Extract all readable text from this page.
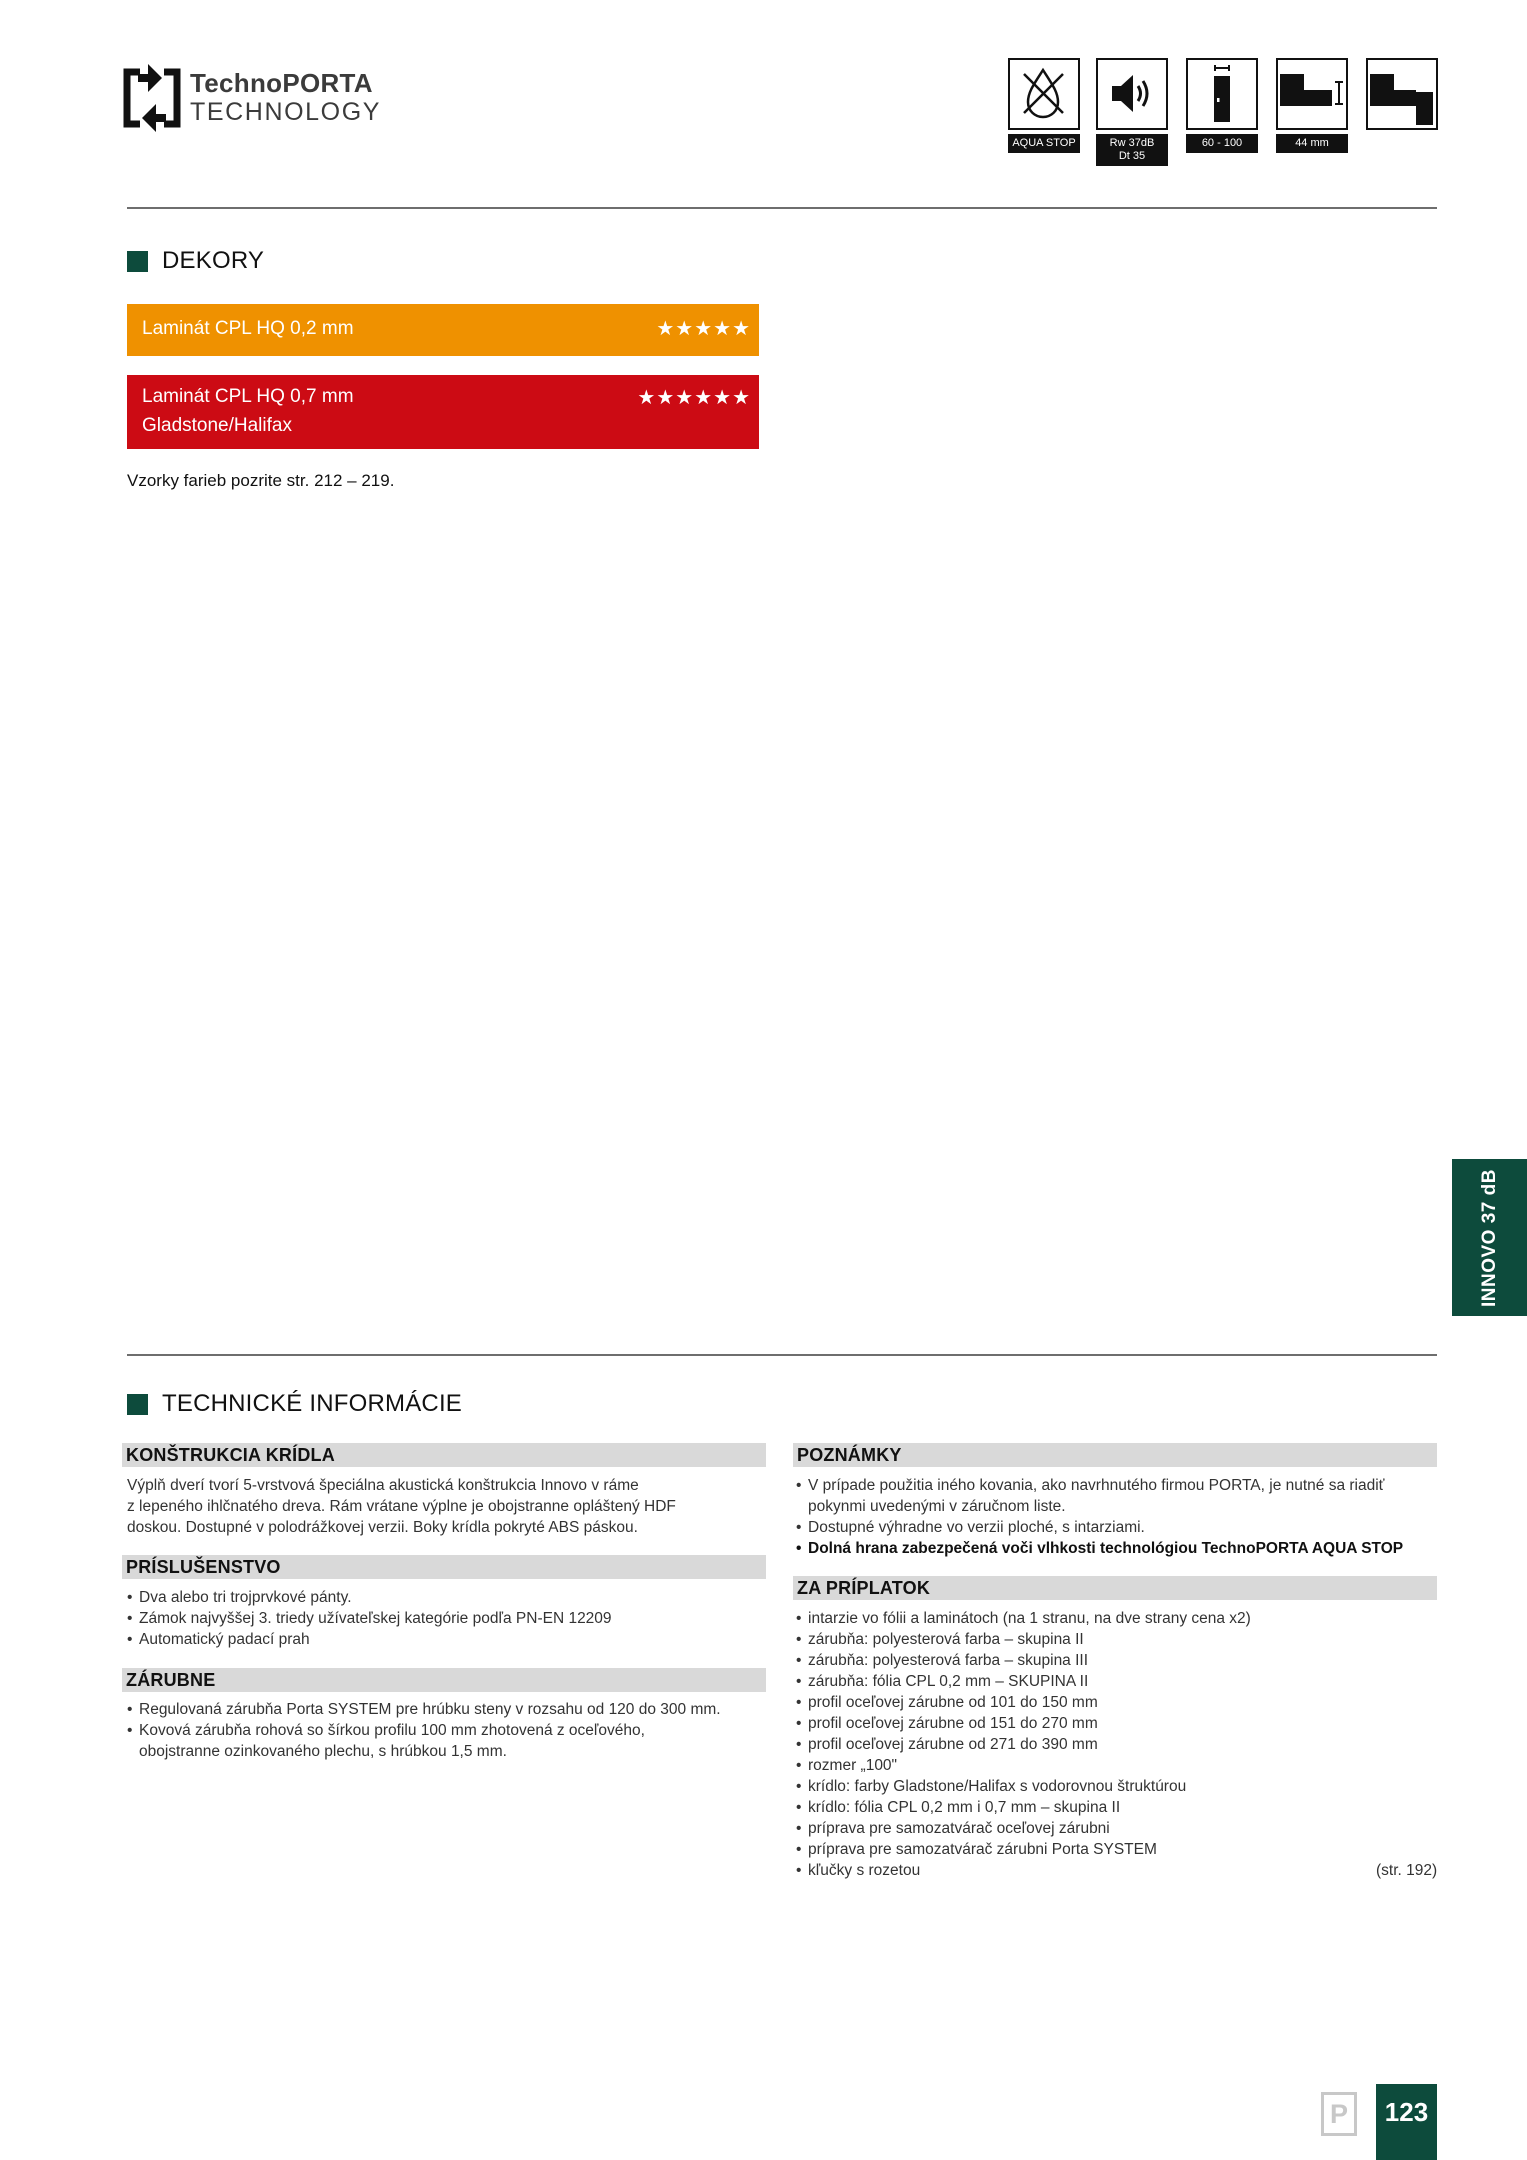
TechnoPORTA
TECHNOLOGY
AQUA STOP	Rw 37dB
Dt 35
60 - 100	44 mm
DEKORY
Laminát CPL HQ 0,2 mm	★★★★★
Laminát CPL HQ 0,7 mm
Gladstone/Halifax
★★★★★★
Vzorky farieb pozrite str. 212 – 219.
INNOVO 37 dB
TECHNICKÉ INFORMÁCIE
KONŠTRUKCIA KRÍDLA
Výplň dverí tvorí 5-vrstvová špeciálna akustická konštrukcia Innovo v ráme
z lepeného ihlčnatého dreva. Rám vrátane výplne je obojstranne opláštený HDF
doskou. Dostupné v polodrážkovej verzii. Boky krídla pokryté ABS páskou.
PRÍSLUŠENSTVO
• Dva alebo tri trojprvkové pánty.
• Zámok najvyššej 3. triedy užívateľskej kategórie podľa PN-EN 12209
• Automatický padací prah
ZÁRUBNE
• Regulovaná zárubňa Porta SYSTEM pre hrúbku steny v rozsahu od 120 do 300 mm.
• Kovová zárubňa rohová so šírkou profilu 100 mm zhotovená z oceľového,
obojstranne ozinkovaného plechu, s hrúbkou 1,5 mm.
POZNÁMKY
• V prípade použitia iného kovania, ako navrhnutého firmou PORTA, je nutné sa riadiť
pokynmi uvedenými v záručnom liste.
• Dostupné výhradne vo verzii ploché, s intarziami.
• Dolná hrana zabezpečená voči vlhkosti technológiou TechnoPORTA AQUA STOP
ZA PRÍPLATOK
• intarzie vo fólii a laminátoch (na 1 stranu, na dve strany cena x2)
• zárubňa: polyesterová farba – skupina II
• zárubňa: polyesterová farba – skupina III
• zárubňa: fólia CPL 0,2 mm – SKUPINA II
• profil oceľovej zárubne od 101 do 150 mm
• profil oceľovej zárubne od 151 do 270 mm
• profil oceľovej zárubne od 271 do 390 mm
• rozmer „100"
• krídlo: farby Gladstone/Halifax s vodorovnou štruktúrou
• krídlo: fólia CPL 0,2 mm i 0,7 mm – skupina II
• príprava pre samozatvárač oceľovej zárubni
• príprava pre samozatvárač zárubni Porta SYSTEM
• kľučky s rozetou	(str. 192)
P	123
